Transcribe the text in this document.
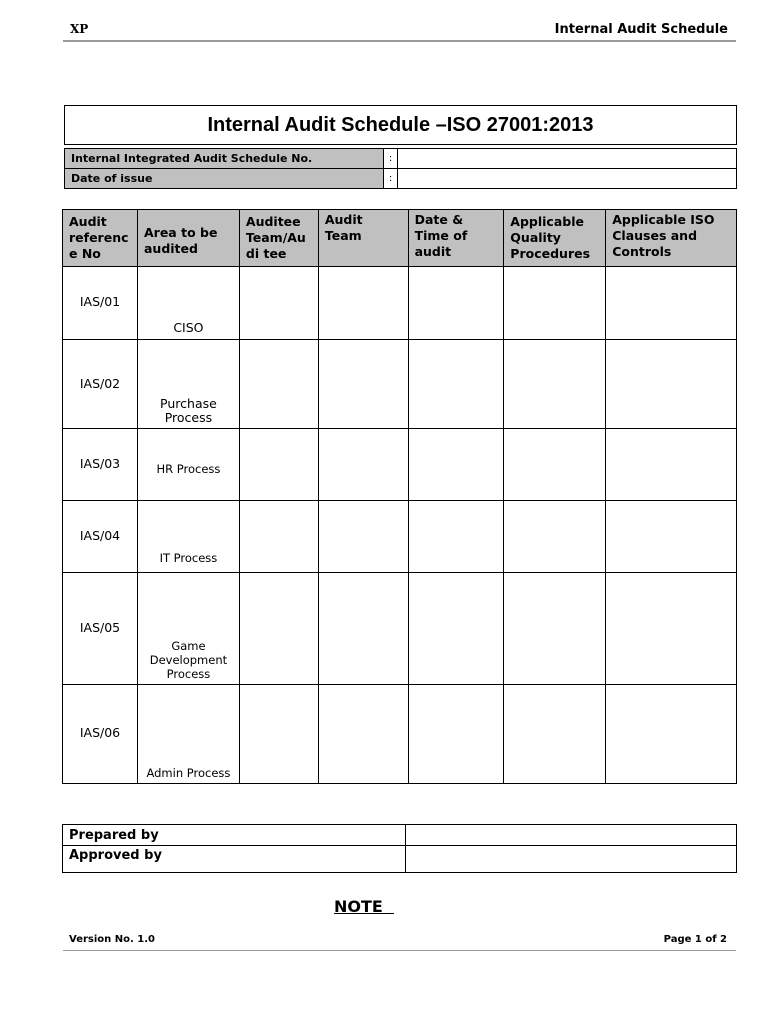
XP	Internal Audit Schedule
Internal Audit Schedule –ISO 27001:2013
Internal Integrated Audit Schedule No.	:	
Date of issue	:	
Audit referenc e No	Area to be audited	Auditee Team/Au di tee	Audit Team	Date & Time of audit	Applicable Quality Procedures	Applicable ISO Clauses and Controls
IAS/01	CISO					
IAS/02	Purchase Process					
IAS/03	HR Process					
IAS/04	IT Process					
IAS/05	Game Development Process					
IAS/06	Admin Process					
Prepared by	
Approved by	
NOTE
Version No. 1.0	Page 1 of 2
